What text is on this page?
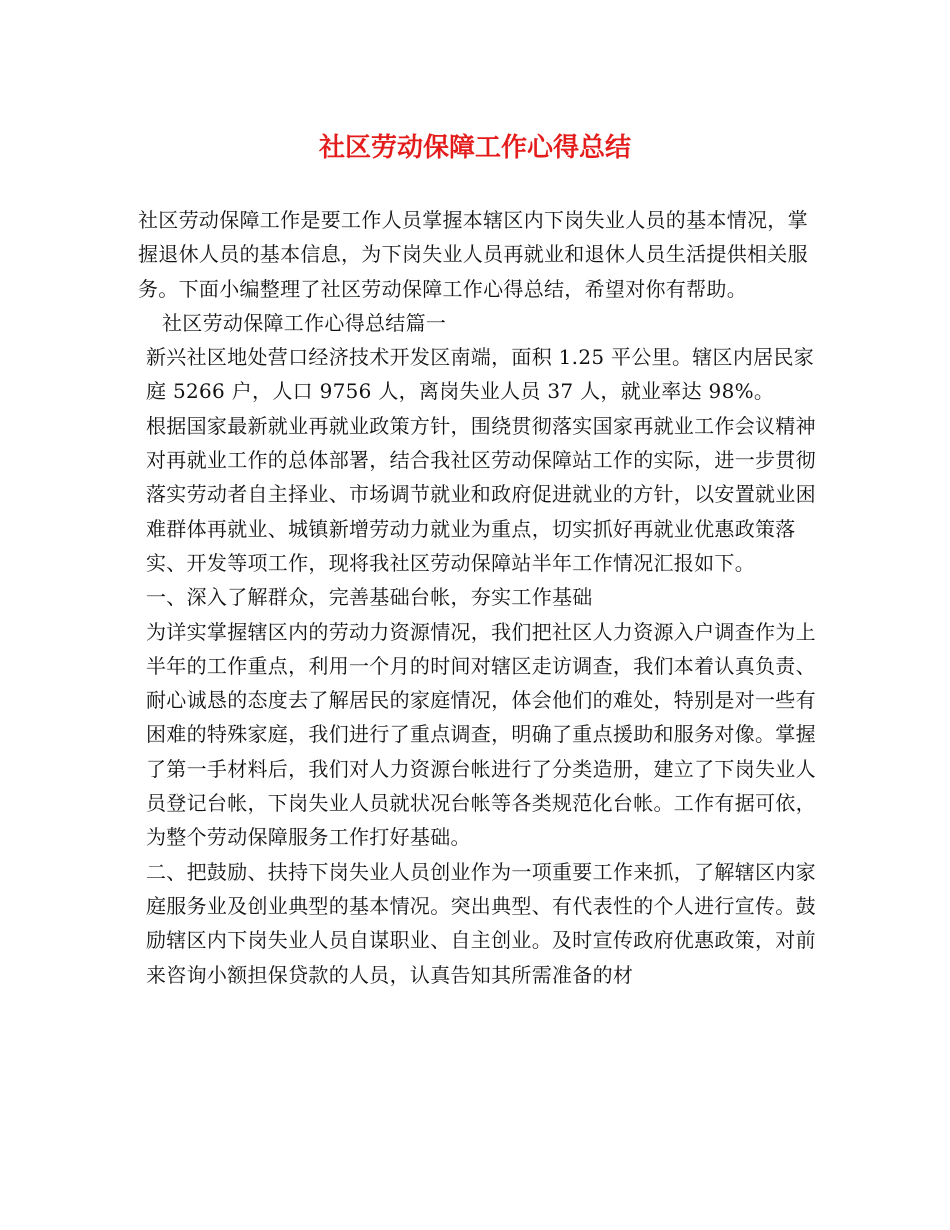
社区劳动保障工作心得总结

社区劳动保障工作是要工作人员掌握本辖区内下岗失业人员的基本情况，掌握退休人员的基本信息，为下岗失业人员再就业和退休人员生活提供相关服务。下面小编整理了社区劳动保障工作心得总结，希望对你有帮助。

社区劳动保障工作心得总结篇一

新兴社区地处营口经济技术开发区南端，面积 1.25 平公里。辖区内居民家庭 5266 户，人口 9756 人，离岗失业人员 37 人，就业率达 98%。

根据国家最新就业再就业政策方针，围绕贯彻落实国家再就业工作会议精神对再就业工作的总体部署，结合我社区劳动保障站工作的实际，进一步贯彻落实劳动者自主择业、市场调节就业和政府促进就业的方针，以安置就业困难群体再就业、城镇新增劳动力就业为重点，切实抓好再就业优惠政策落实、开发等项工作，现将我社区劳动保障站半年工作情况汇报如下。

一、深入了解群众，完善基础台帐，夯实工作基础

为详实掌握辖区内的劳动力资源情况，我们把社区人力资源入户调查作为上半年的工作重点，利用一个月的时间对辖区走访调查，我们本着认真负责、耐心诚恳的态度去了解居民的家庭情况，体会他们的难处，特别是对一些有困难的特殊家庭，我们进行了重点调查，明确了重点援助和服务对像。掌握了第一手材料后，我们对人力资源台帐进行了分类造册，建立了下岗失业人员登记台帐，下岗失业人员就状况台帐等各类规范化台帐。工作有据可依，为整个劳动保障服务工作打好基础。

二、把鼓励、扶持下岗失业人员创业作为一项重要工作来抓，了解辖区内家庭服务业及创业典型的基本情况。突出典型、有代表性的个人进行宣传。鼓励辖区内下岗失业人员自谋职业、自主创业。及时宣传政府优惠政策，对前来咨询小额担保贷款的人员，认真告知其所需准备的材
